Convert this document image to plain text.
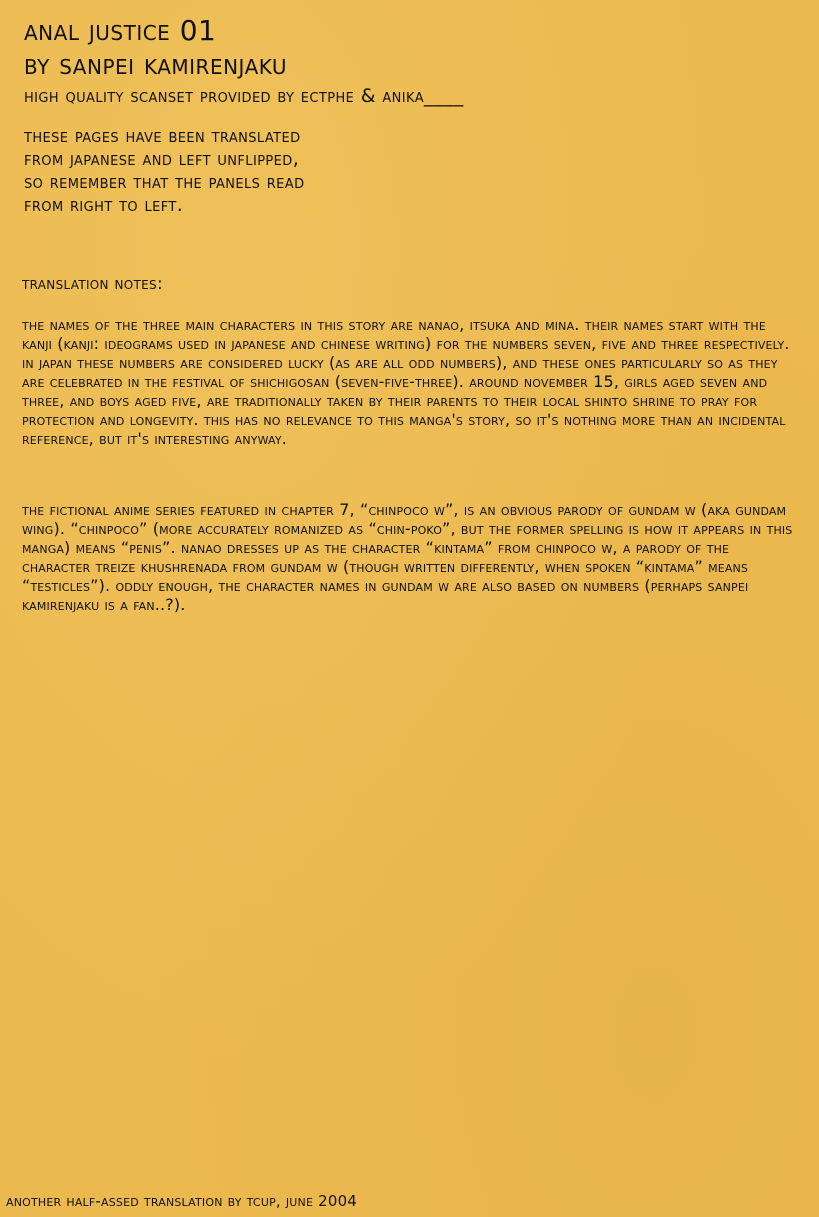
anal justice 01
by sanpei kamirenjaku

high quality scanset provided by ectphe & anika____

these pages have been translated from japanese and left unflipped, so remember that the panels read from right to left.

translation notes:

the names of the three main characters in this story are nanao, itsuka and mina. their names start with the kanji (kanji: ideograms used in japanese and chinese writing) for the numbers seven, five and three respectively. in japan these numbers are considered lucky (as are all odd numbers), and these ones particularly so as they are celebrated in the festival of shichigosan (seven-five-three). around november 15, girls aged seven and three, and boys aged five, are traditionally taken by their parents to their local shinto shrine to pray for protection and longevity. this has no relevance to this manga's story, so it's nothing more than an incidental reference, but it's interesting anyway.

the fictional anime series featured in chapter 7, “chinpoco w”, is an obvious parody of gundam w (aka gundam wing). “chinpoco” (more accurately romanized as “chin-poko”, but the former spelling is how it appears in this manga) means “penis”. nanao dresses up as the character “kintama” from chinpoco w, a parody of the character treize khushrenada from gundam w (though written differently, when spoken “kintama” means “testicles”). oddly enough, the character names in gundam w are also based on numbers (perhaps sanpei kamirenjaku is a fan..?).

another half-assed translation by tcup, june 2004
